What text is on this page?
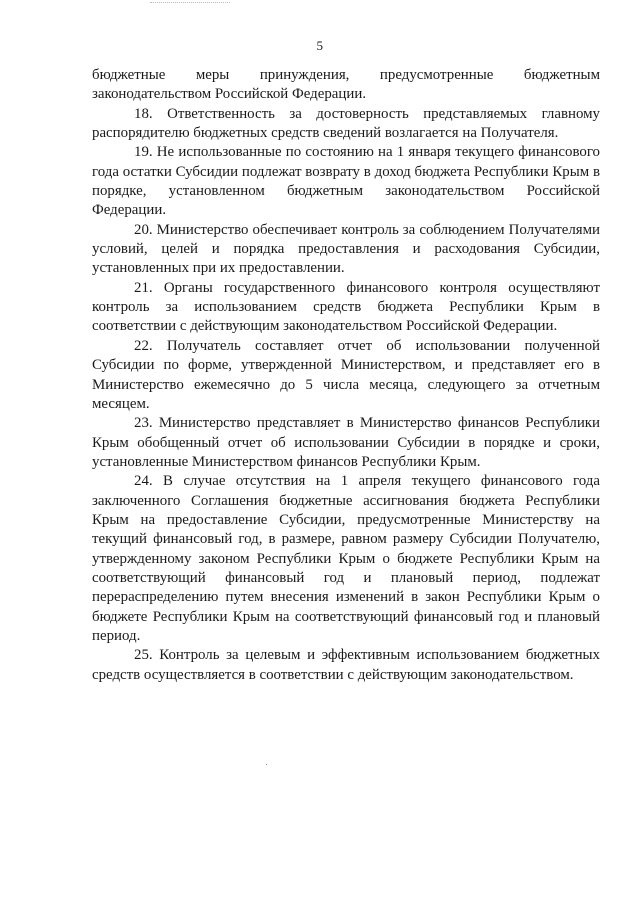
5

бюджетные меры принуждения, предусмотренные бюджетным законодательством Российской Федерации.

18. Ответственность за достоверность представляемых главному распорядителю бюджетных средств сведений возлагается на Получателя.

19. Не использованные по состоянию на 1 января текущего финансового года остатки Субсидии подлежат возврату в доход бюджета Республики Крым в порядке, установленном бюджетным законодательством Российской Федерации.

20. Министерство обеспечивает контроль за соблюдением Получателями условий, целей и порядка предоставления и расходования Субсидии, установленных при их предоставлении.

21. Органы государственного финансового контроля осуществляют контроль за использованием средств бюджета Республики Крым в соответствии с действующим законодательством Российской Федерации.

22. Получатель составляет отчет об использовании полученной Субсидии по форме, утвержденной Министерством, и представляет его в Министерство ежемесячно до 5 числа месяца, следующего за отчетным месяцем.

23. Министерство представляет в Министерство финансов Республики Крым обобщенный отчет об использовании Субсидии в порядке и сроки, установленные Министерством финансов Республики Крым.

24. В случае отсутствия на 1 апреля текущего финансового года заключенного Соглашения бюджетные ассигнования бюджета Республики Крым на предоставление Субсидии, предусмотренные Министерству на текущий финансовый год, в размере, равном размеру Субсидии Получателю, утвержденному законом Республики Крым о бюджете Республики Крым на соответствующий финансовый год и плановый период, подлежат перераспределению путем внесения изменений в закон Республики Крым о бюджете Республики Крым на соответствующий финансовый год и плановый период.

25. Контроль за целевым и эффективным использованием бюджетных средств осуществляется в соответствии с действующим законодательством.
